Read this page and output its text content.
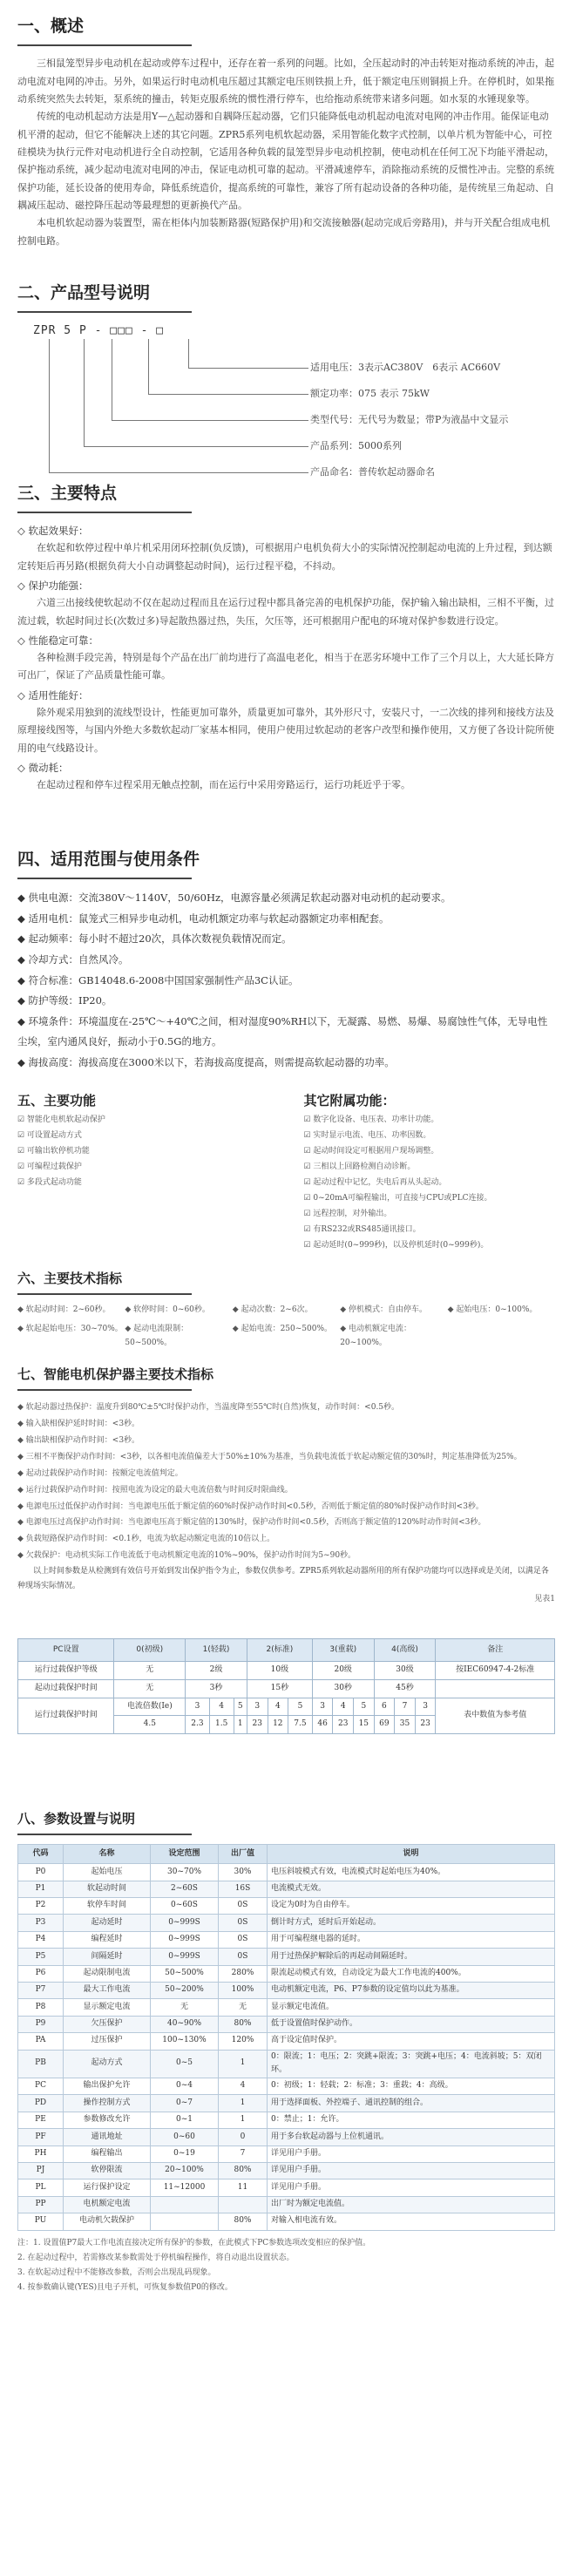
一、概述

三相鼠笼型异步电动机在起动或停车过程中，还存在着一系列的问题。比如，全压起动时的冲击转矩对拖动系统的冲击，起动电流对电网的冲击。另外，如果运行时电动机电压超过其额定电压则铁损上升，低于额定电压则铜损上升。在停机时，如果拖动系统突然失去转矩，泵系统的撞击，转矩克服系统的惯性滑行停车，也给拖动系统带来诸多问题。如水泵的水锤现象等。

传统的电动机起动方法是用Y—△起动器和自耦降压起动器，它们只能降低电动机起动电流对电网的冲击作用。能保证电动机平滑的起动，但它不能解决上述的其它问题。ZPR5系列电机软起动器，采用智能化数字式控制，以单片机为智能中心，可控硅模块为执行元件对电动机进行全自动控制，它适用各种负载的鼠笼型异步电动机控制，使电动机在任何工况下均能平滑起动，保护拖动系统，减少起动电流对电网的冲击，保证电动机可靠的起动。平滑减速停车，消除拖动系统的反惯性冲击。完整的系统保护功能，延长设备的使用寿命，降低系统造价，提高系统的可靠性，兼容了所有起动设备的各种功能，是传统星三角起动、自耦减压起动、磁控降压起动等最理想的更新换代产品。

本电机软起动器为装置型，需在柜体内加装断路器(短路保护用)和交流接触器(起动完成后旁路用)，并与开关配合组成电机控制电路。

二、产品型号说明
ZPR 5 P - □□□ - □
适用电压：3表示AC380V　6表示 AC660V
额定功率：075 表示 75kW
类型代号：无代号为数显；带P为液晶中文显示
产品系列：5000系列
产品命名：普传软起动器命名
三、主要特点
◇ 软起效果好：

在软起和软停过程中单片机采用闭环控制(负反馈)，可根据用户电机负荷大小的实际情况控制起动电流的上升过程，到达额定转矩后再另路(根据负荷大小自动调整起动时间)，运行过程平稳，不抖动。

◇ 保护功能强：

六道三出接线使软起动不仅在起动过程而且在运行过程中都具备完善的电机保护功能，保护输入输出缺相，三相不平衡，过流过载，软起时间过长(次数过多)导起散热器过热，失压，欠压等，还可根据用户配电的环境对保护参数进行设定。

◇ 性能稳定可靠：

各种检测手段完善，特别是每个产品在出厂前均进行了高温电老化，相当于在恶劣环境中工作了三个月以上，大大延长降方可出厂，保证了产品质量性能可靠。

◇ 适用性能好：

除外观采用独到的流线型设计，性能更加可靠外，质量更加可靠外，其外形尺寸，安装尺寸，一二次线的排列和接线方法及原理接线图等，与国内外绝大多数软起动厂家基本相同，使用户使用过软起动的老客户改型和操作使用，又方便了各设计院所使用的电气线路设计。

◇ 微动耗：

在起动过程和停车过程采用无触点控制，而在运行中采用旁路运行，运行功耗近乎于零。

四、适用范围与使用条件
◆ 供电电源：交流380V～1140V，50/60Hz，电源容量必须满足软起动器对电动机的起动要求。
◆ 适用电机：鼠笼式三相异步电动机，电动机额定功率与软起动器额定功率相配套。
◆ 起动频率：每小时不超过20次，具体次数视负载情况而定。
◆ 冷却方式：自然风冷。
◆ 符合标准：GB14048.6-2008中国国家强制性产品3C认证。
◆ 防护等级：IP20。
◆ 环境条件：环境温度在-25℃～+40℃之间，相对湿度90%RH以下，无凝露、易燃、易爆、易腐蚀性气体，无导电性尘埃，室内通风良好，振动小于0.5G的地方。
◆ 海拔高度：海拔高度在3000米以下，若海拔高度提高，则需提高软起动器的功率。
五、主要功能
☑ 智能化电机软起动保护
☑ 可设置起动方式
☑ 可输出软停机功能
☑ 可编程过载保护
☑ 多段式起动功能
其它附属功能：
☑ 数字化设备、电压表、功率计功能。
☑ 实时显示电流、电压、功率因数。
☑ 起动时间设定可根据用户现场调整。
☑ 三相以上回路检测自动诊断。
☑ 起动过程中记忆，失电后再从头起动。
☑ 0~20mA可编程输出，可直接与CPU或PLC连接。
☑ 远程控制，对外输出。
☑ 有RS232或RS485通讯接口。
☑ 起动延时(0~999秒)，以及停机延时(0~999秒)。
六、主要技术指标
◆ 软起动时间：2~60秒。	◆ 软停时间：0~60秒。	◆ 起动次数：2~6次。	◆ 停机模式：自由停车。	◆ 起始电压：0~100%。
◆ 软起起始电压：30~70%。 ◆ 起动电流限制：50~500%。
◆ 起始电流：250~500%。	◆ 电动机额定电流：20~100%。
七、智能电机保护器主要技术指标
◆ 软起动器过热保护：温度升到80℃±5℃时保护动作，当温度降至55℃时(自然)恢复，动作时间：<0.5秒。
◆ 输入缺相保护延时时间：<3秒。
◆ 输出缺相保护动作时间：<3秒。
◆ 三相不平衡保护动作时间：<3秒，以各相电流值偏差大于50%±10%为基准，当负载电流低于软起动额定值的30%时，判定基准降低为25%。
◆ 起动过载保护动作时间：按额定电流值判定。
◆ 运行过载保护动作时间：按照电流为设定的最大电流倍数与时间反时限曲线。
◆ 电源电压过低保护动作时间：当电源电压低于额定值的60%时保护动作时间<0.5秒，否则低于额定值的80%时保护动作时间<3秒。
◆ 电源电压过高保护动作时间：当电源电压高于额定值的130%时，保护动作时间<0.5秒，否则高于额定值的120%时动作时间<3秒。
◆ 负载短路保护动作时间：<0.1秒，电流为软起动额定电流的10倍以上。
◆ 欠载保护：电动机实际工作电流低于电动机额定电流的10%~90%，保护动作时间为5~90秒。

以上时间参数是从检测到有效信号开始到发出保护指令为止，参数仅供参考。ZPR5系列软起动器所用的所有保护功能均可以选择或是关闭，以满足各种现场实际情况。

见表1
PC设置	0(初级)	1(轻载)			2(标准)			3(重载)			4(高级)			备注
运行过载保护等级	无	2级			10级			20级			30级			按IEC60947-4-2标准
起动过载保护时间	无	3秒			15秒			30秒			45秒			
运行过载保护时间	电流倍数(Ie)	3	4	5	3	4	5	3	4	5	6	7	3	表中数值为参考值
	4.5	2.3	1.5	1	23	12	7.5	46	23	15	69	35	23	
八、参数设置与说明
代码	名称	设定范围	出厂值	说明
P0	起始电压	30~70%	30%	电压斜坡模式有效，电流模式时起始电压为40%。
P1	软起动时间	2~60S	16S	电流模式无效。
P2	软停车时间	0~60S	0S	设定为0时为自由停车。
P3	起动延时	0~999S	0S	倒计时方式，延时后开始起动。
P4	编程延时	0~999S	0S	用于可编程继电器的延时。
P5	间隔延时	0~999S	0S	用于过热保护解除后的再起动间隔延时。
P6	起动限制电流	50~500%	280%	限流起动模式有效，自动设定为最大工作电流的400%。
P7	最大工作电流	50~200%	100%	电动机额定电流，P6、P7参数的设定值均以此为基准。
P8	显示额定电流	无	无	显示额定电流值。
P9	欠压保护	40~90%	80%	低于设置值时保护动作。
PA	过压保护	100~130%	120%	高于设定值时保护。
PB	起动方式	0~5	1	0：限流；1：电压；2：突跳+限流；3：突跳+电压；4：电流斜坡；5：双闭环。
PC	输出保护允许	0~4	4	0：初级；1：轻载；2：标准；3：重载；4：高级。
PD	操作控制方式	0~7	1	用于选择面板、外控端子、通讯控制的组合。
PE	参数修改允许	0~1	1	0：禁止；1：允许。
PF	通讯地址	0~60	0	用于多台软起动器与上位机通讯。
PH	编程输出	0~19	7	详见用户手册。
PJ	软停限流	20~100%	80%	详见用户手册。
PL	运行保护设定	11~12000	11	详见用户手册。
PP	电机额定电流			出厂时为额定电流值。
PU	电动机欠载保护		80%	对输入相电流有效。
注：1. 设置值P7最大工作电流直接决定所有保护的参数，在此模式下PC参数选项改变相应的保护值。
2. 在起动过程中，若需修改某参数需处于停机编程操作，将自动退出设置状态。
3. 在软起动过程中不能修改参数，否则会出现乱码现象。
4. 按参数确认键(YES)且电子开机，可恢复参数值P0的修改。
